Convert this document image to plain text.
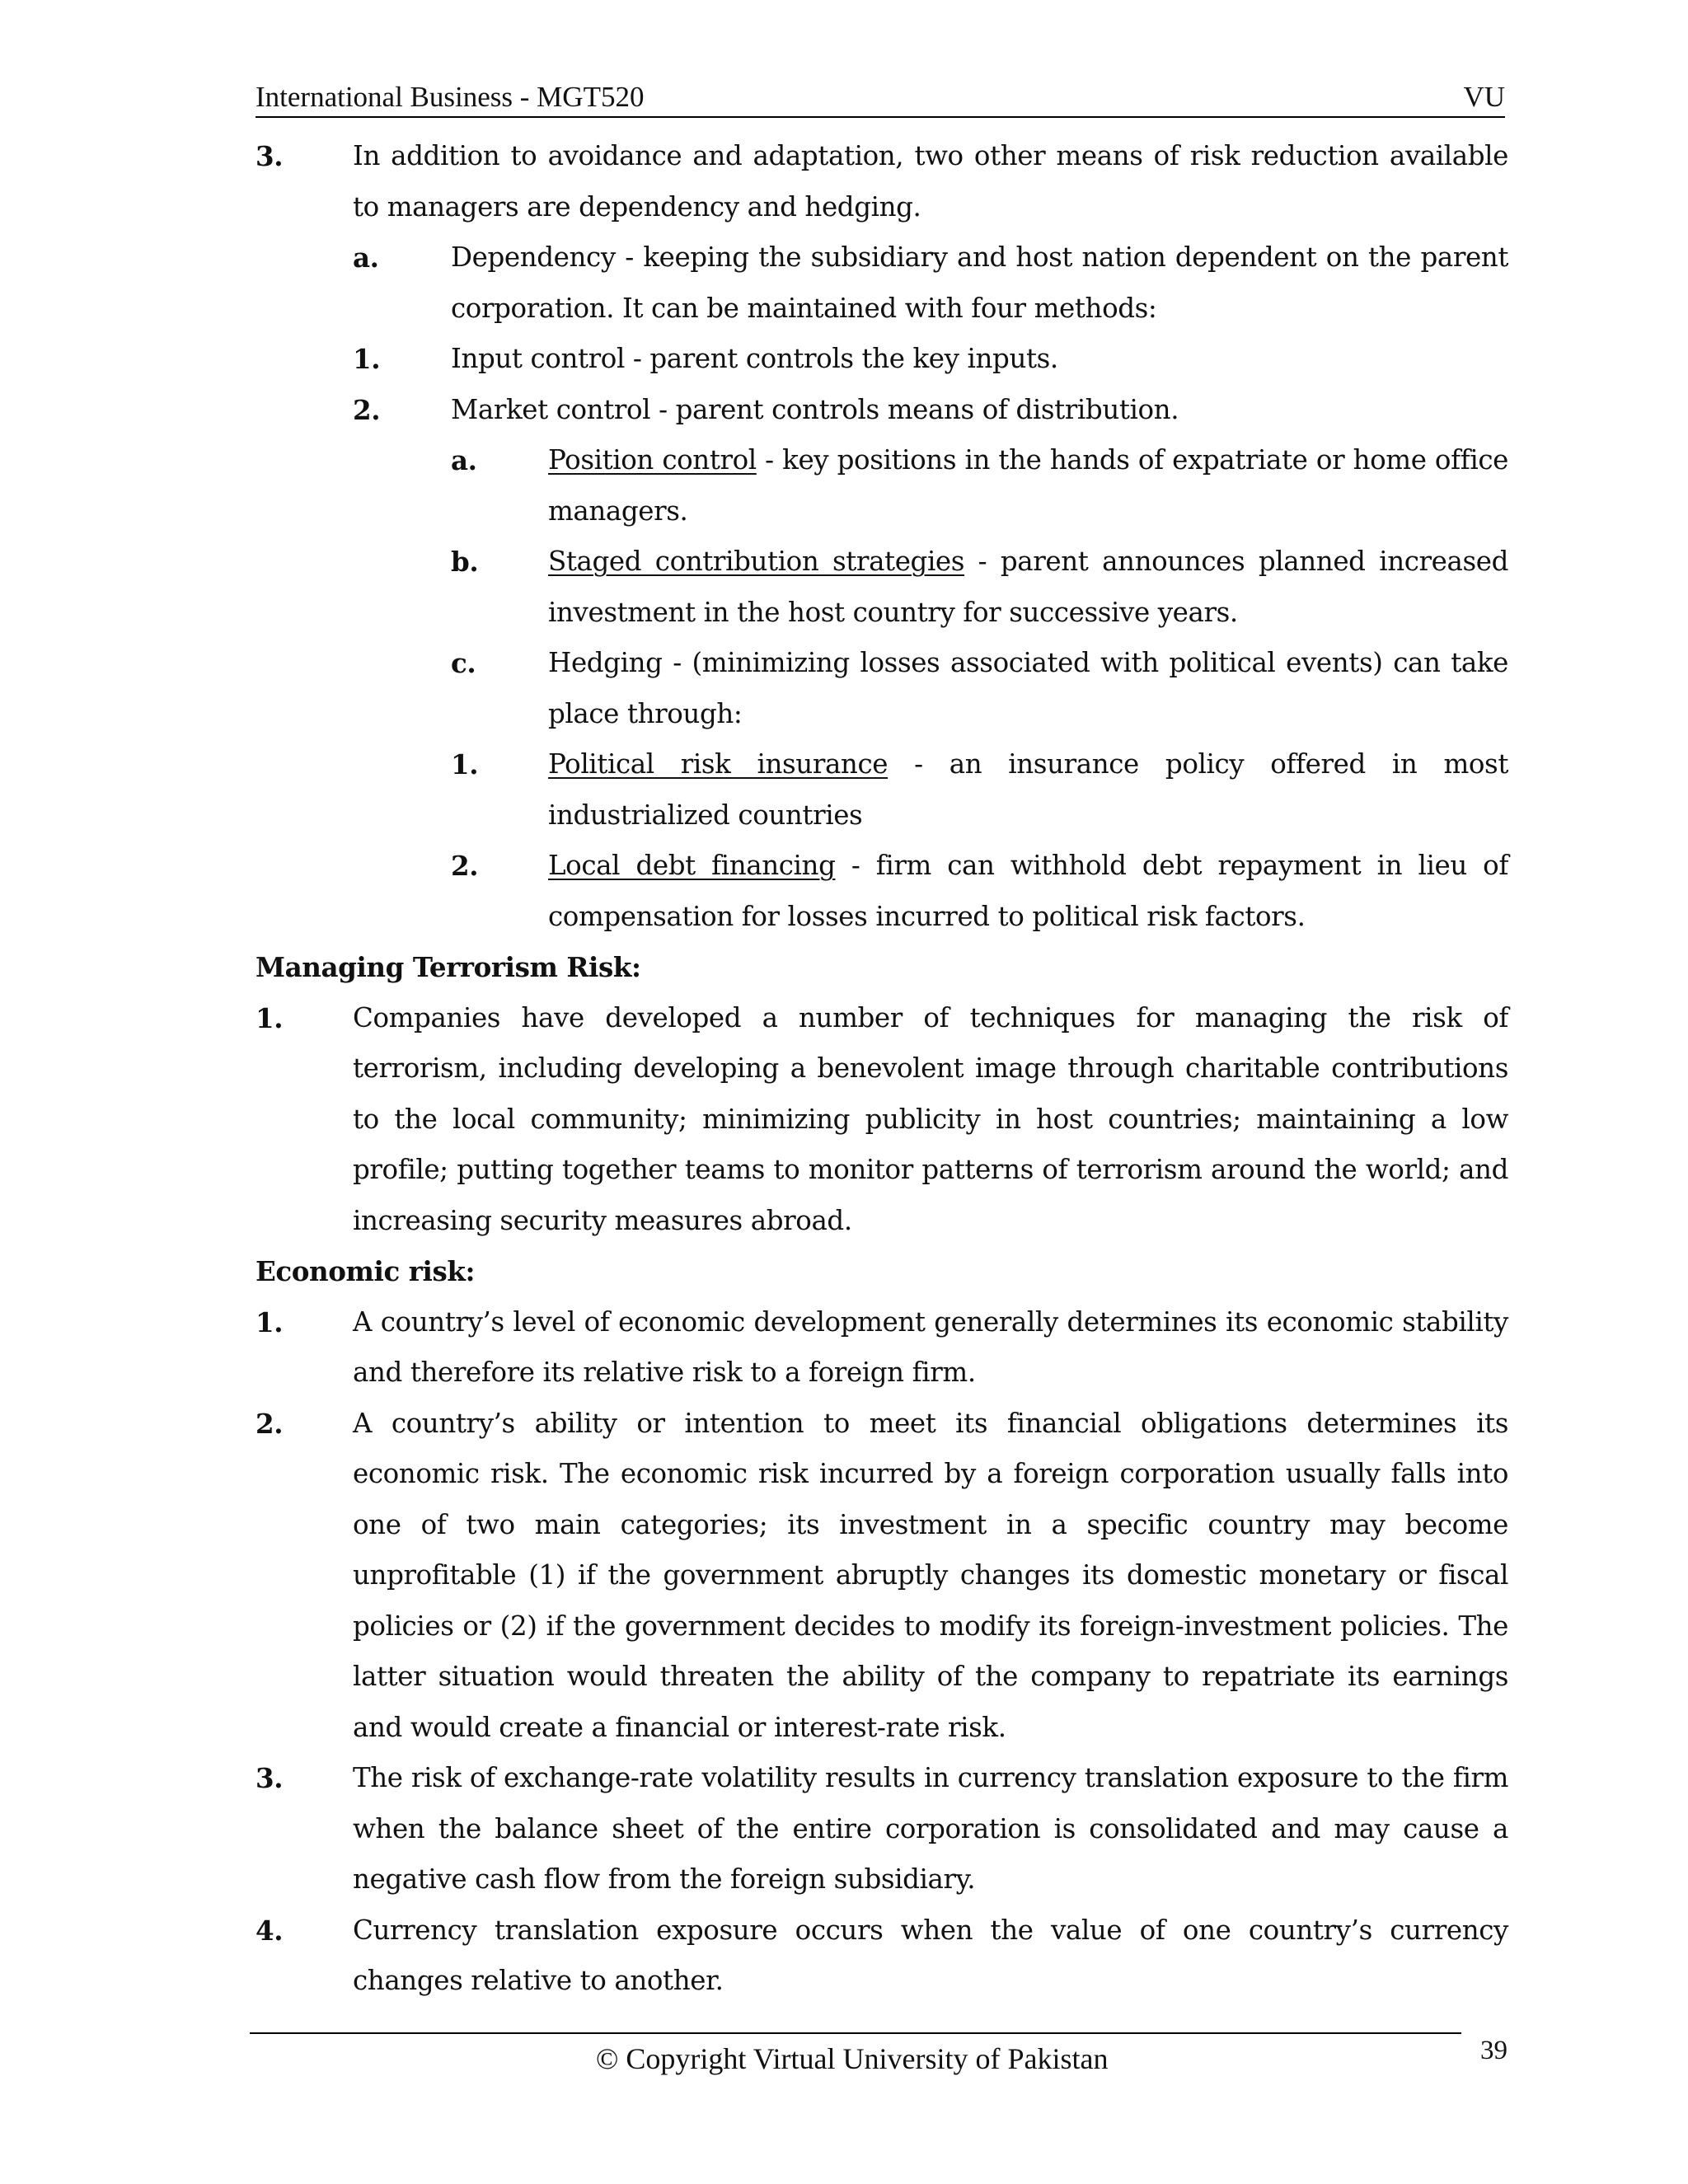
International Business - MGT520	VU
3.	In addition to avoidance and adaptation, two other means of risk reduction available to managers are dependency and hedging.
a.	Dependency - keeping the subsidiary and host nation dependent on the parent corporation. It can be maintained with four methods:
1.	Input control - parent controls the key inputs.
2.	Market control - parent controls means of distribution.
a.	Position control - key positions in the hands of expatriate or home office managers.
b.	Staged contribution strategies - parent announces planned increased investment in the host country for successive years.
c.	Hedging - (minimizing losses associated with political events) can take place through:
1.	Political risk insurance - an insurance policy offered in most industrialized countries
2.	Local debt financing - firm can withhold debt repayment in lieu of compensation for losses incurred to political risk factors.
Managing Terrorism Risk:
1.	Companies have developed a number of techniques for managing the risk of terrorism, including developing a benevolent image through charitable contributions to the local community; minimizing publicity in host countries; maintaining a low profile; putting together teams to monitor patterns of terrorism around the world; and increasing security measures abroad.
Economic risk:
1.	A country’s level of economic development generally determines its economic stability and therefore its relative risk to a foreign firm.
2.	A country’s ability or intention to meet its financial obligations determines its economic risk. The economic risk incurred by a foreign corporation usually falls into one of two main categories; its investment in a specific country may become unprofitable (1) if the government abruptly changes its domestic monetary or fiscal policies or (2) if the government decides to modify its foreign-investment policies. The latter situation would threaten the ability of the company to repatriate its earnings and would create a financial or interest-rate risk.
3.	The risk of exchange-rate volatility results in currency translation exposure to the firm when the balance sheet of the entire corporation is consolidated and may cause a negative cash flow from the foreign subsidiary.
4.	Currency translation exposure occurs when the value of one country’s currency changes relative to another.
© Copyright Virtual University of Pakistan	39
